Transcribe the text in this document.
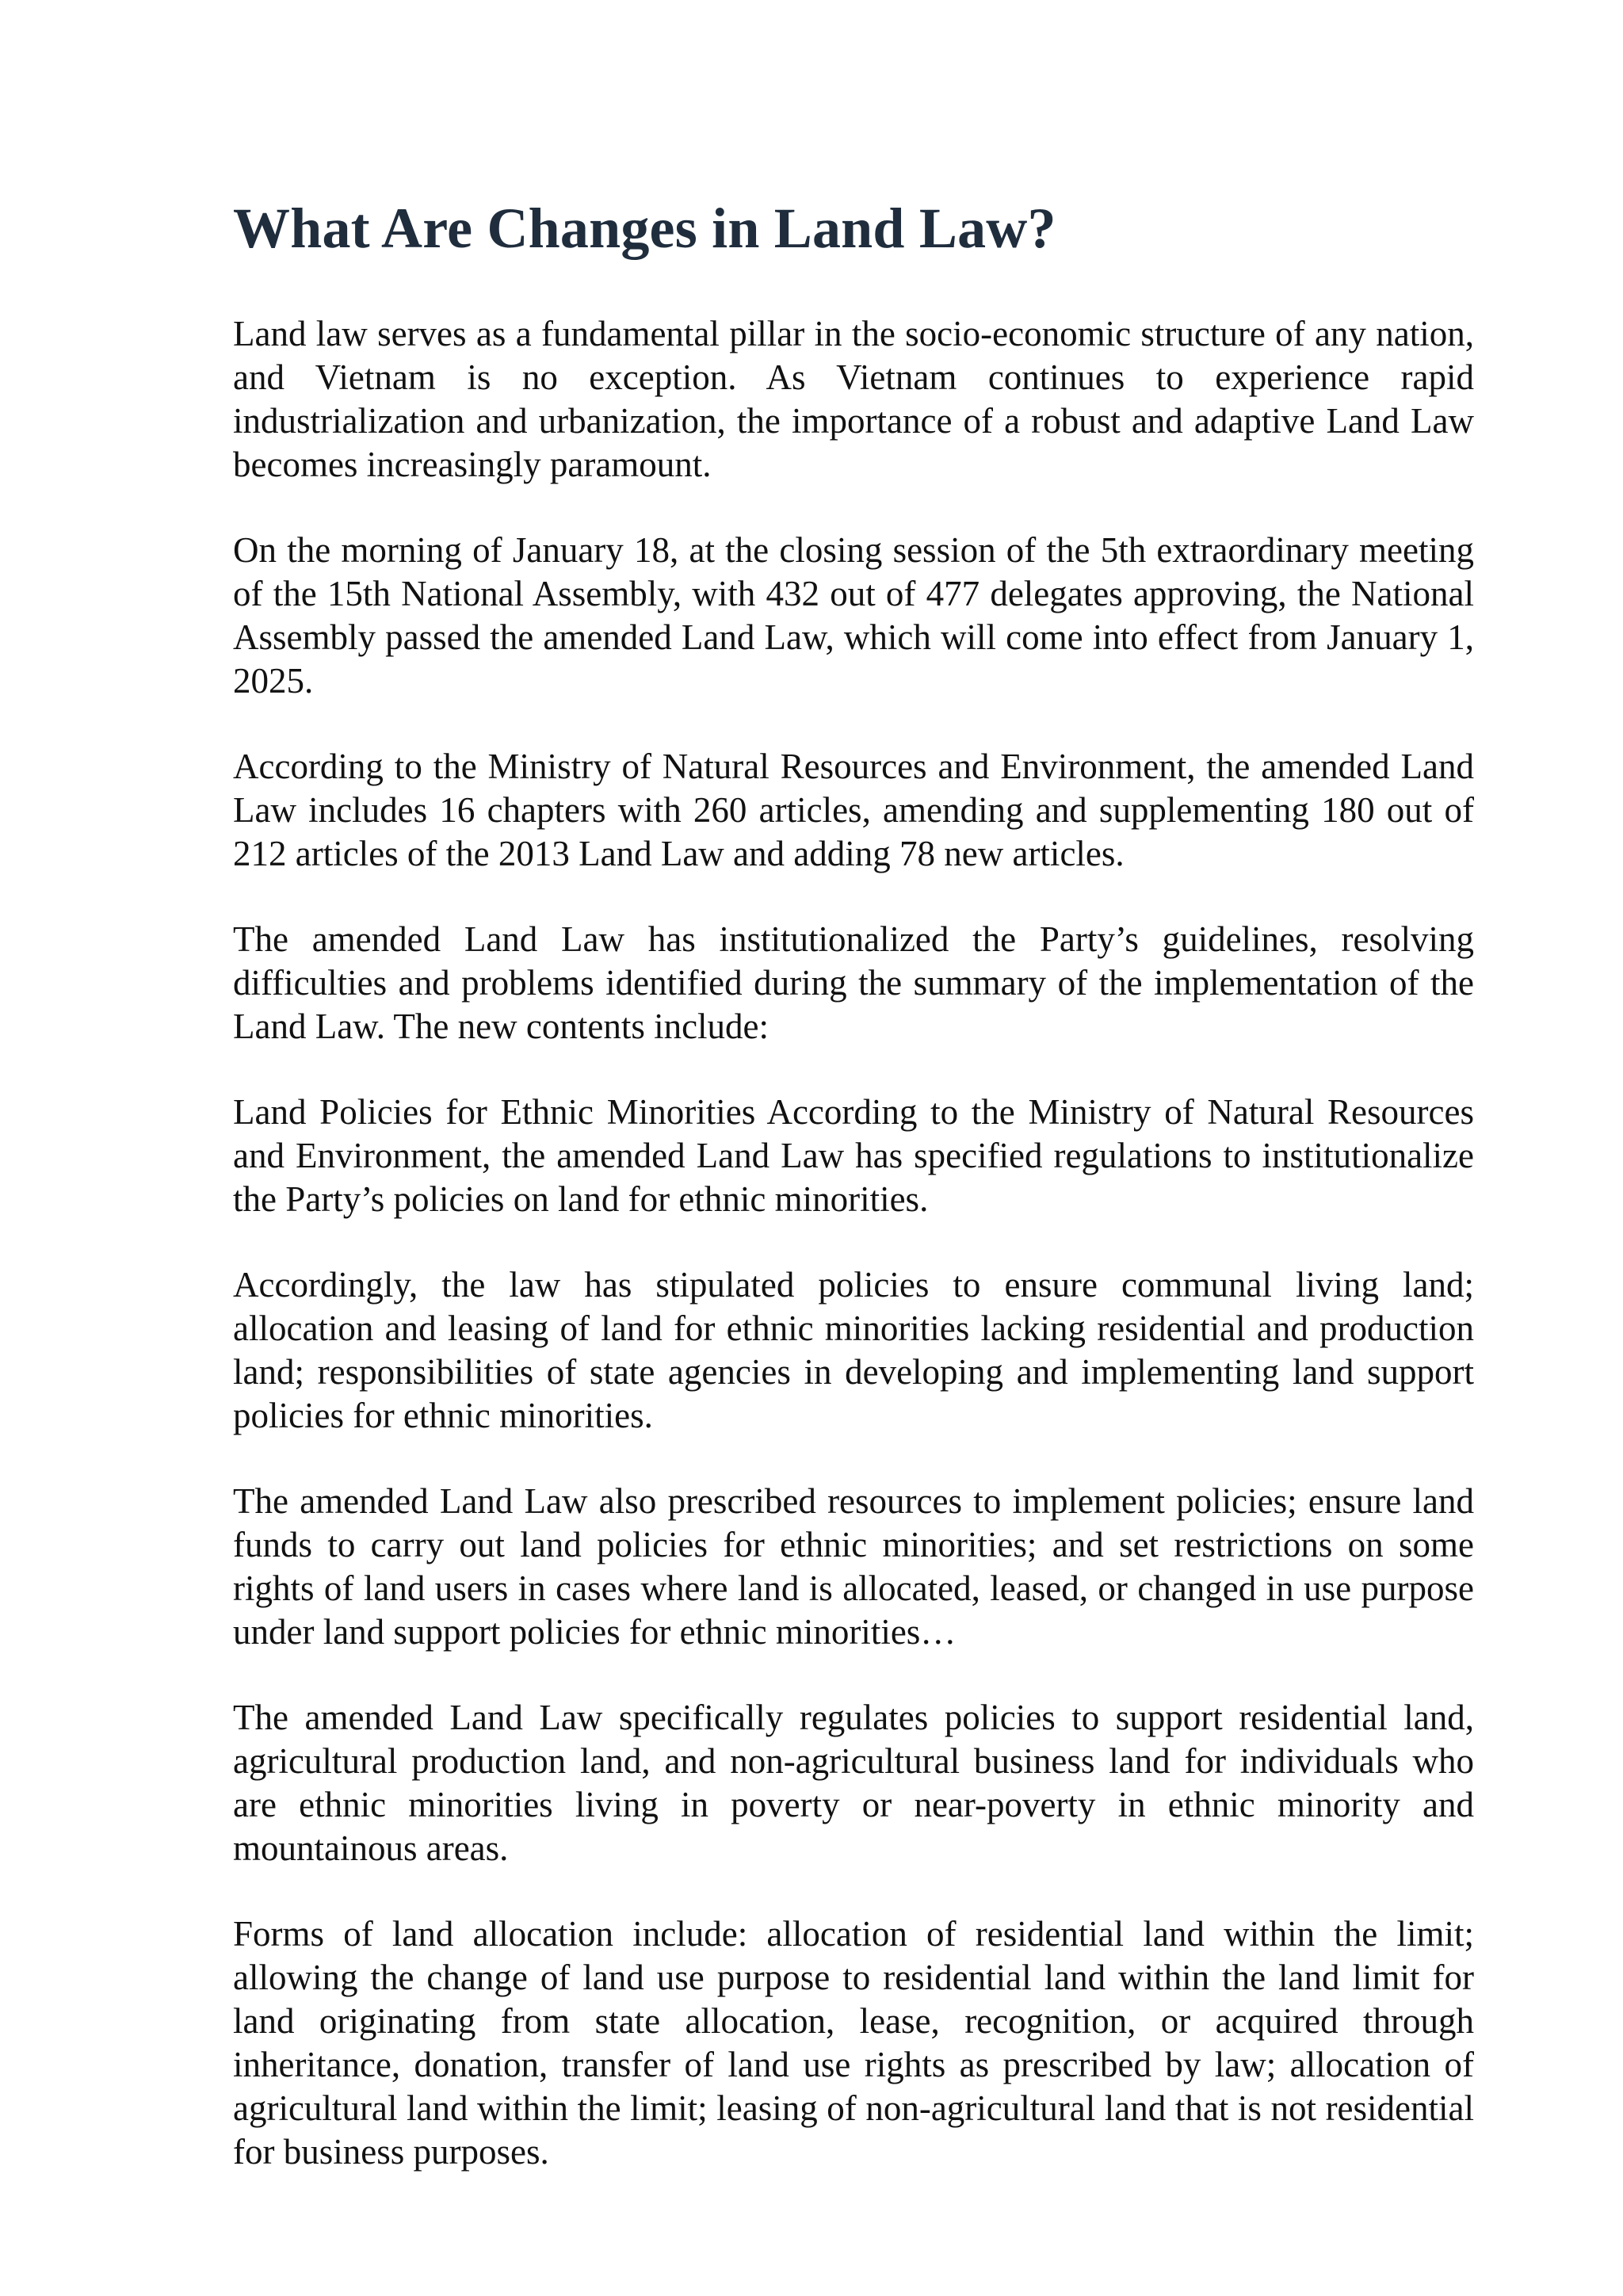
What Are Changes in Land Law?

Land law serves as a fundamental pillar in the socio-economic structure of any nation, and Vietnam is no exception. As Vietnam continues to experience rapid industrialization and urbanization, the importance of a robust and adaptive Land Law becomes increasingly paramount.

On the morning of January 18, at the closing session of the 5th extraordinary meeting of the 15th National Assembly, with 432 out of 477 delegates approving, the National Assembly passed the amended Land Law, which will come into effect from January 1, 2025.

According to the Ministry of Natural Resources and Environment, the amended Land Law includes 16 chapters with 260 articles, amending and supplementing 180 out of 212 articles of the 2013 Land Law and adding 78 new articles.

The amended Land Law has institutionalized the Party’s guidelines, resolving difficulties and problems identified during the summary of the implementation of the Land Law. The new contents include:

Land Policies for Ethnic Minorities According to the Ministry of Natural Resources and Environment, the amended Land Law has specified regulations to institutionalize the Party’s policies on land for ethnic minorities.

Accordingly, the law has stipulated policies to ensure communal living land; allocation and leasing of land for ethnic minorities lacking residential and production land; responsibilities of state agencies in developing and implementing land support policies for ethnic minorities.

The amended Land Law also prescribed resources to implement policies; ensure land funds to carry out land policies for ethnic minorities; and set restrictions on some rights of land users in cases where land is allocated, leased, or changed in use purpose under land support policies for ethnic minorities…

The amended Land Law specifically regulates policies to support residential land, agricultural production land, and non-agricultural business land for individuals who are ethnic minorities living in poverty or near-poverty in ethnic minority and mountainous areas.

Forms of land allocation include: allocation of residential land within the limit; allowing the change of land use purpose to residential land within the land limit for land originating from state allocation, lease, recognition, or acquired through inheritance, donation, transfer of land use rights as prescribed by law; allocation of agricultural land within the limit; leasing of non-agricultural land that is not residential for business purposes.
